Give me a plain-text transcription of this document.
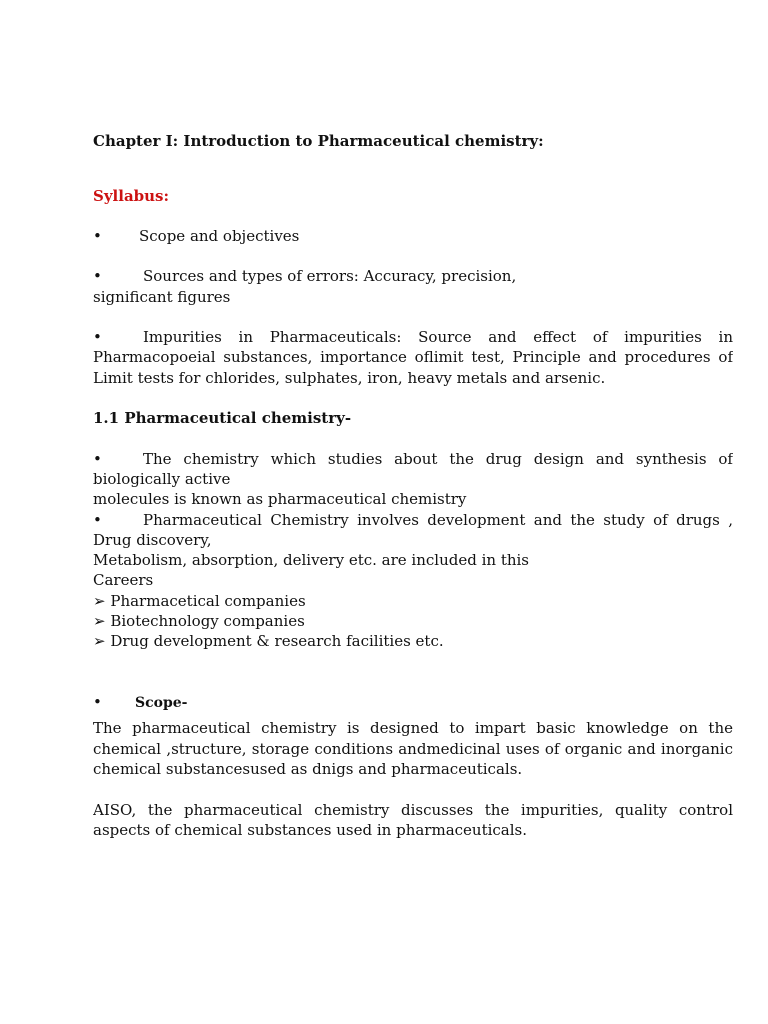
Chapter I: Introduction to Pharmaceutical chemistry:
Syllabus:
• Scope and objectives
•	Sources and types of errors: Accuracy, precision,
significant figures
•	Impurities in Pharmaceuticals: Source and effect of impurities in
Pharmacopoeial substances, importance oflimit test, Principle and procedures of
Limit tests for chlorides, sulphates, iron, heavy metals and arsenic.
1.1 Pharmaceutical chemistry-
•	The chemistry which studies about the drug design and synthesis of
biologically active
molecules is known as pharmaceutical chemistry
•	Pharmaceutical Chemistry involves development and the study of drugs ,
Drug discovery,
Metabolism, absorption, delivery etc. are included in this
Careers
➢ Pharmacetical companies
➢ Biotechnology companies
➢ Drug development & research facilities etc.
• Scope-
The pharmaceutical chemistry is designed to impart basic knowledge on the
chemical ,structure, storage conditions andmedicinal uses of organic and inorganic
chemical substancesused as dnigs and pharmaceuticals.
AISO, the pharmaceutical chemistry discusses the impurities, quality control
aspects of chemical substances used in pharmaceuticals.
